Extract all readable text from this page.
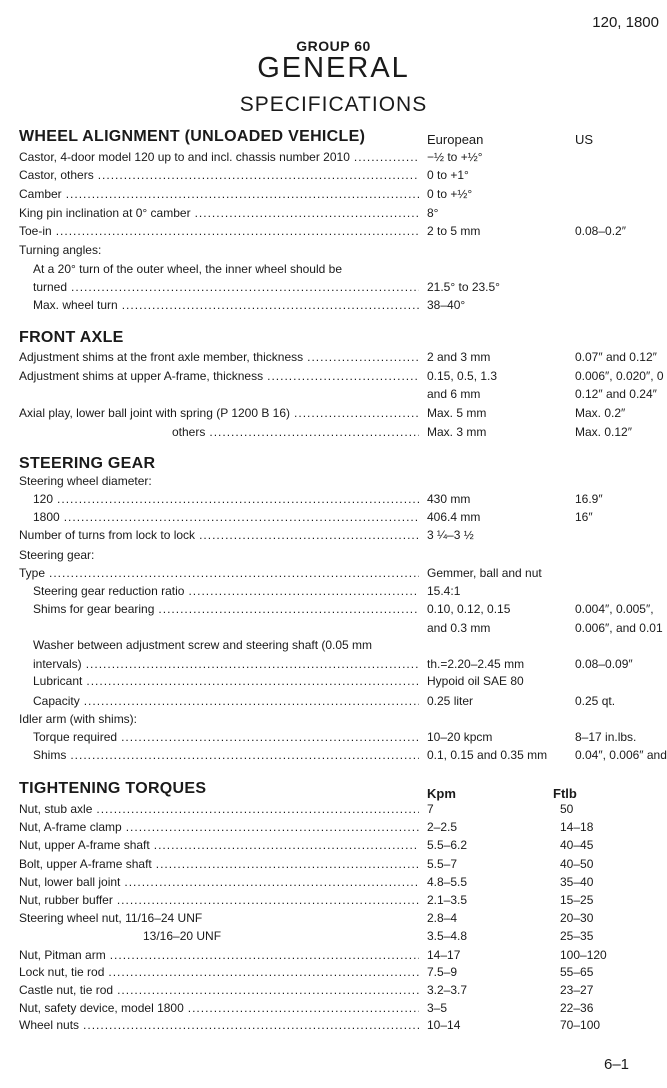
120, 1800
GROUP 60
GENERAL
SPECIFICATIONS
WHEEL ALIGNMENT (UNLOADED VEHICLE)	European	US
Castor, 4-door model 120 up to and incl. chassis number 2010
.....	−½ to +½°
Castor, others
.....	0 to +1°
Camber
.....	0 to +½°
King pin inclination at 0° camber
.....	8°
Toe-in
.....	2 to 5 mm	0.08–0.2″
Turning angles:
At a 20° turn of the outer wheel, the inner wheel should be
turned
.....	21.5° to 23.5°
Max. wheel turn
.....	38–40°
FRONT AXLE
Adjustment shims at the front axle member, thickness
.....	2 and 3 mm	0.07″ and 0.12″
Adjustment shims at upper A-frame, thickness
.....	0.15, 0.5, 1.3	0.006″, 0.020″, 0
and 6 mm	0.12″ and 0.24″
Axial play, lower ball joint with spring (P 1200 B 16)
.....	Max. 5 mm	Max. 0.2″
others
.....	Max. 3 mm	Max. 0.12″
STEERING GEAR
Steering wheel diameter:
120
.....	430 mm	16.9″
1800
.....	406.4 mm	16″
Number of turns from lock to lock
.....	3 ¼–3 ½
Steering gear:
Type
.....	Gemmer, ball and nut
Steering gear reduction ratio
.....	15.4:1
Shims for gear bearing
.....	0.10, 0.12, 0.15	0.004″, 0.005″,
and 0.3 mm	0.006″, and 0.01
Washer between adjustment screw and steering shaft (0.05 mm
intervals)
.....	th.=2.20–2.45 mm	0.08–0.09″
Lubricant
.....	Hypoid oil SAE 80
Capacity
.....	0.25 liter	0.25 qt.
Idler arm (with shims):
Torque required
.....	10–20 kpcm	8–17 in.lbs.
Shims
.....	0.1, 0.15 and 0.35 mm 0.04″, 0.006″ and
TIGHTENING TORQUES	Kpm	Ftlb
Nut, stub axle
.....	7	50
Nut, A-frame clamp
.....	2–2.5	14–18
Nut, upper A-frame shaft
.....	5.5–6.2	40–45
Bolt, upper A-frame shaft
.....	5.5–7	40–50
Nut, lower ball joint
.....	4.8–5.5	35–40
Nut, rubber buffer
.....	2.1–3.5	15–25
Steering wheel nut, 11/16–24 UNF	2.8–4	20–30
13/16–20 UNF	3.5–4.8	25–35
Nut, Pitman arm
.....	14–17	100–120
Lock nut, tie rod
.....	7.5–9	55–65
Castle nut, tie rod
.....	3.2–3.7	23–27
Nut, safety device, model 1800
.....	3–5	22–36
Wheel nuts
.....	10–14	70–100
6–1
